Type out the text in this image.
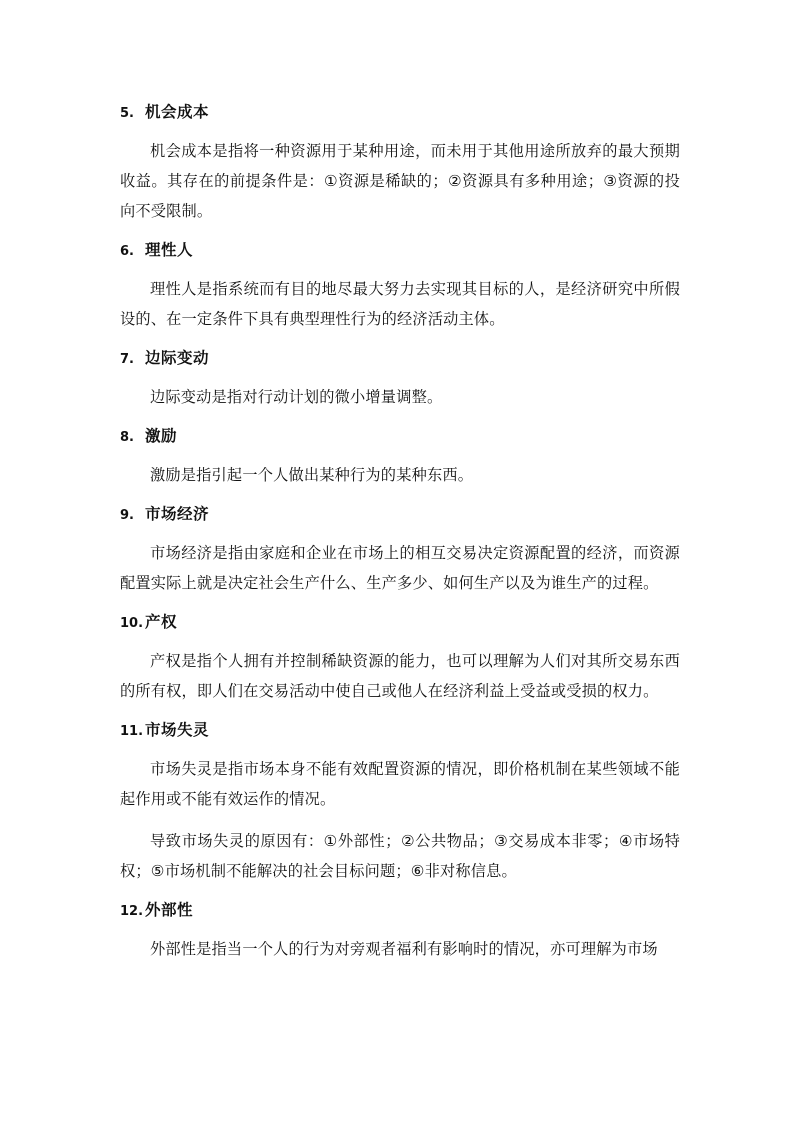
5. 机会成本

机会成本是指将一种资源用于某种用途，而未用于其他用途所放弃的最大预期收益。其存在的前提条件是：①资源是稀缺的；②资源具有多种用途；③资源的投向不受限制。

6. 理性人

理性人是指系统而有目的地尽最大努力去实现其目标的人，是经济研究中所假设的、在一定条件下具有典型理性行为的经济活动主体。

7. 边际变动

边际变动是指对行动计划的微小增量调整。

8. 激励

激励是指引起一个人做出某种行为的某种东西。

9. 市场经济

市场经济是指由家庭和企业在市场上的相互交易决定资源配置的经济，而资源配置实际上就是决定社会生产什么、生产多少、如何生产以及为谁生产的过程。

10. 产权

产权是指个人拥有并控制稀缺资源的能力，也可以理解为人们对其所交易东西的所有权，即人们在交易活动中使自己或他人在经济利益上受益或受损的权力。

11. 市场失灵

市场失灵是指市场本身不能有效配置资源的情况，即价格机制在某些领域不能起作用或不能有效运作的情况。

导致市场失灵的原因有：①外部性；②公共物品；③交易成本非零；④市场特权；⑤市场机制不能解决的社会目标问题；⑥非对称信息。

12. 外部性

外部性是指当一个人的行为对旁观者福利有影响时的情况，亦可理解为市场
